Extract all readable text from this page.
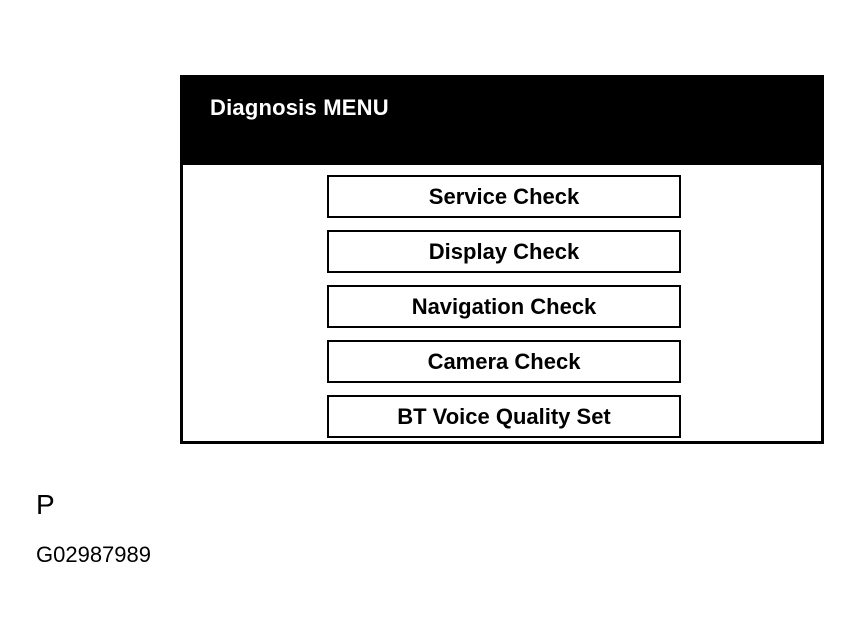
Diagnosis MENU
Service Check
Display Check
Navigation Check
Camera Check
BT Voice Quality Set
P
G02987989
